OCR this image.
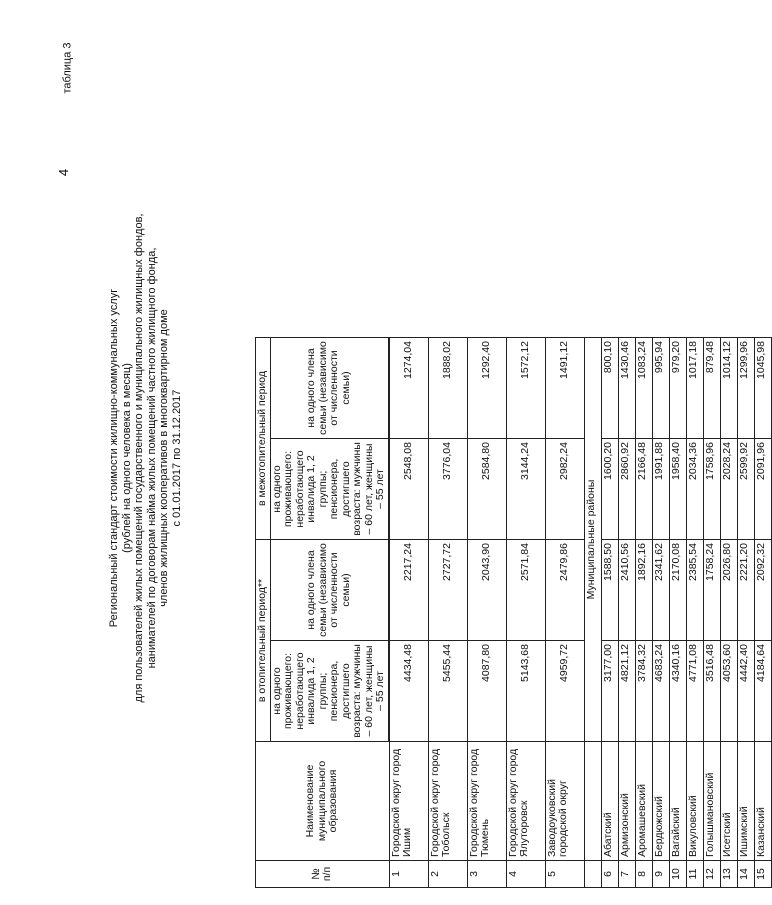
4
таблица 3
Региональный стандарт стоимости жилищно-коммунальных услуг (рублей на одного человека в месяц) для пользователей жилых помещений государственного и муниципального жилищных фондов, нанимателей по договорам найма жилых помещений частного жилищного фонда, членов жилищных кооперативов в многоквартирном доме с 01.01.2017 по 31.12.2017
№ п/п	Наименование муниципального образования	в отопительный период**		в межотопительный период	
		на одного проживающего: неработающего инвалида 1, 2 группы; пенсионера, достигшего возраста: мужчины – 60 лет, женщины – 55 лет	на одного члена семьи (независимо от численности семьи)	на одного проживающего: неработающего инвалида 1, 2 группы; пенсионера, достигшего возраста: мужчины – 60 лет, женщины – 55 лет	на одного члена семьи (независимо от численности семьи)

1	Городской округ город Ишим	4434,48	2217,24	2548,08	1274,04
2	Городской округ город Тобольск	5455,44	2727,72	3776,04	1888,02
3	Городской округ город Тюмень	4087,80	2043,90	2584,80	1292,40
4	Городской округ город Ялуторовск	5143,68	2571,84	3144,24	1572,12
5	Заводоуковский городской округ	4959,72	2479,86	2982,24	1491,12
		Муниципальные районы			
6	Абатский	3177,00	1588,50	1600,20	800,10
7	Армизонский	4821,12	2410,56	2860,92	1430,46
8	Аромашевский	3784,32	1892,16	2166,48	1083,24
9	Бердюжский	4683,24	2341,62	1991,88	995,94
10	Вагайский	4340,16	2170,08	1958,40	979,20
11	Викуловский	4771,08	2385,54	2034,36	1017,18
12	Голышмановский	3516,48	1758,24	1758,96	879,48
13	Исетский	4053,60	2026,80	2028,24	1014,12
14	Ишимский	4442,40	2221,20	2599,92	1299,96
15	Казанский	4184,64	2092,32	2091,96	1045,98
